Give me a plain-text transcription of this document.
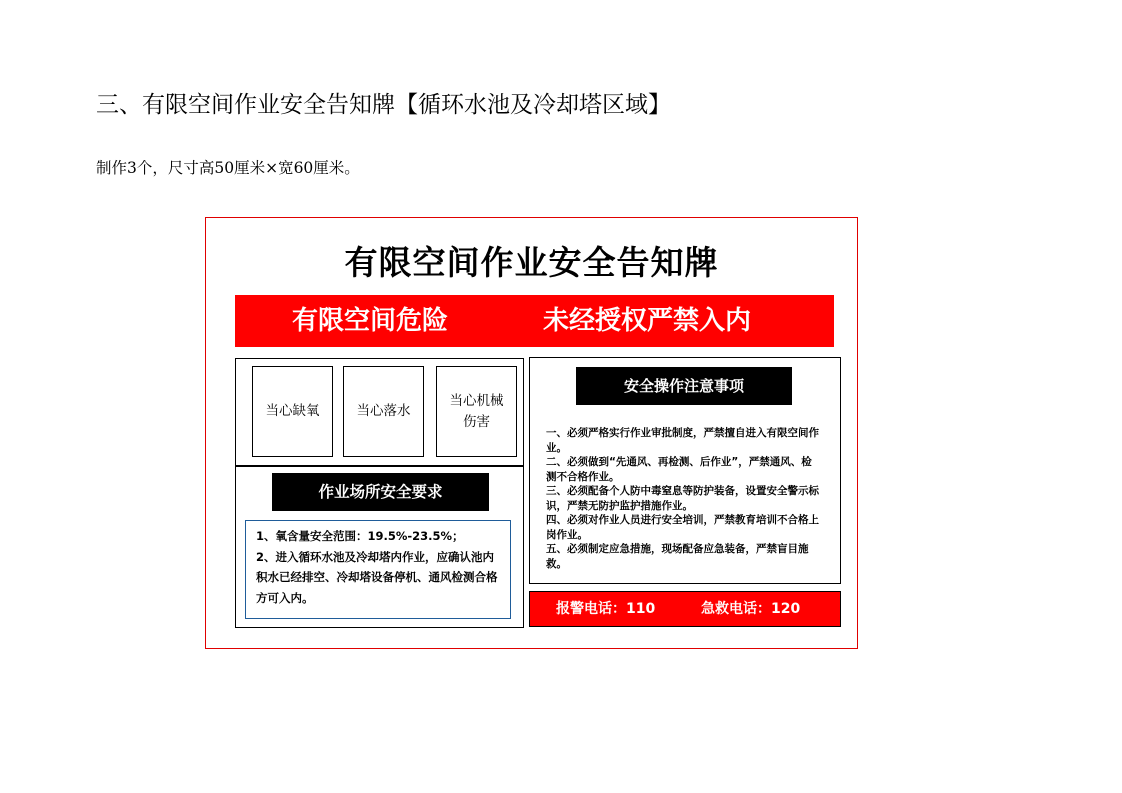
三、有限空间作业安全告知牌【循环水池及冷却塔区域】
制作3个，尺寸高50厘米×宽60厘米。
有限空间作业安全告知牌
有限空间危险	未经授权严禁入内
当心缺氧	当心落水
当心机械
伤害
作业场所安全要求

1、氧含量安全范围：19.5%-23.5%；

2、进入循环水池及冷却塔内作业，应确认池内积水已经排空、冷却塔设备停机、通风检测合格方可入内。

安全操作注意事项

一、必须严格实行作业审批制度，严禁擅自进入有限空间作业。

二、必须做到“先通风、再检测、后作业”，严禁通风、检测不合格作业。

三、必须配备个人防中毒窒息等防护装备，设置安全警示标识，严禁无防护监护措施作业。

四、必须对作业人员进行安全培训，严禁教育培训不合格上岗作业。

五、必须制定应急措施，现场配备应急装备，严禁盲目施救。

报警电话：110	急救电话：120
